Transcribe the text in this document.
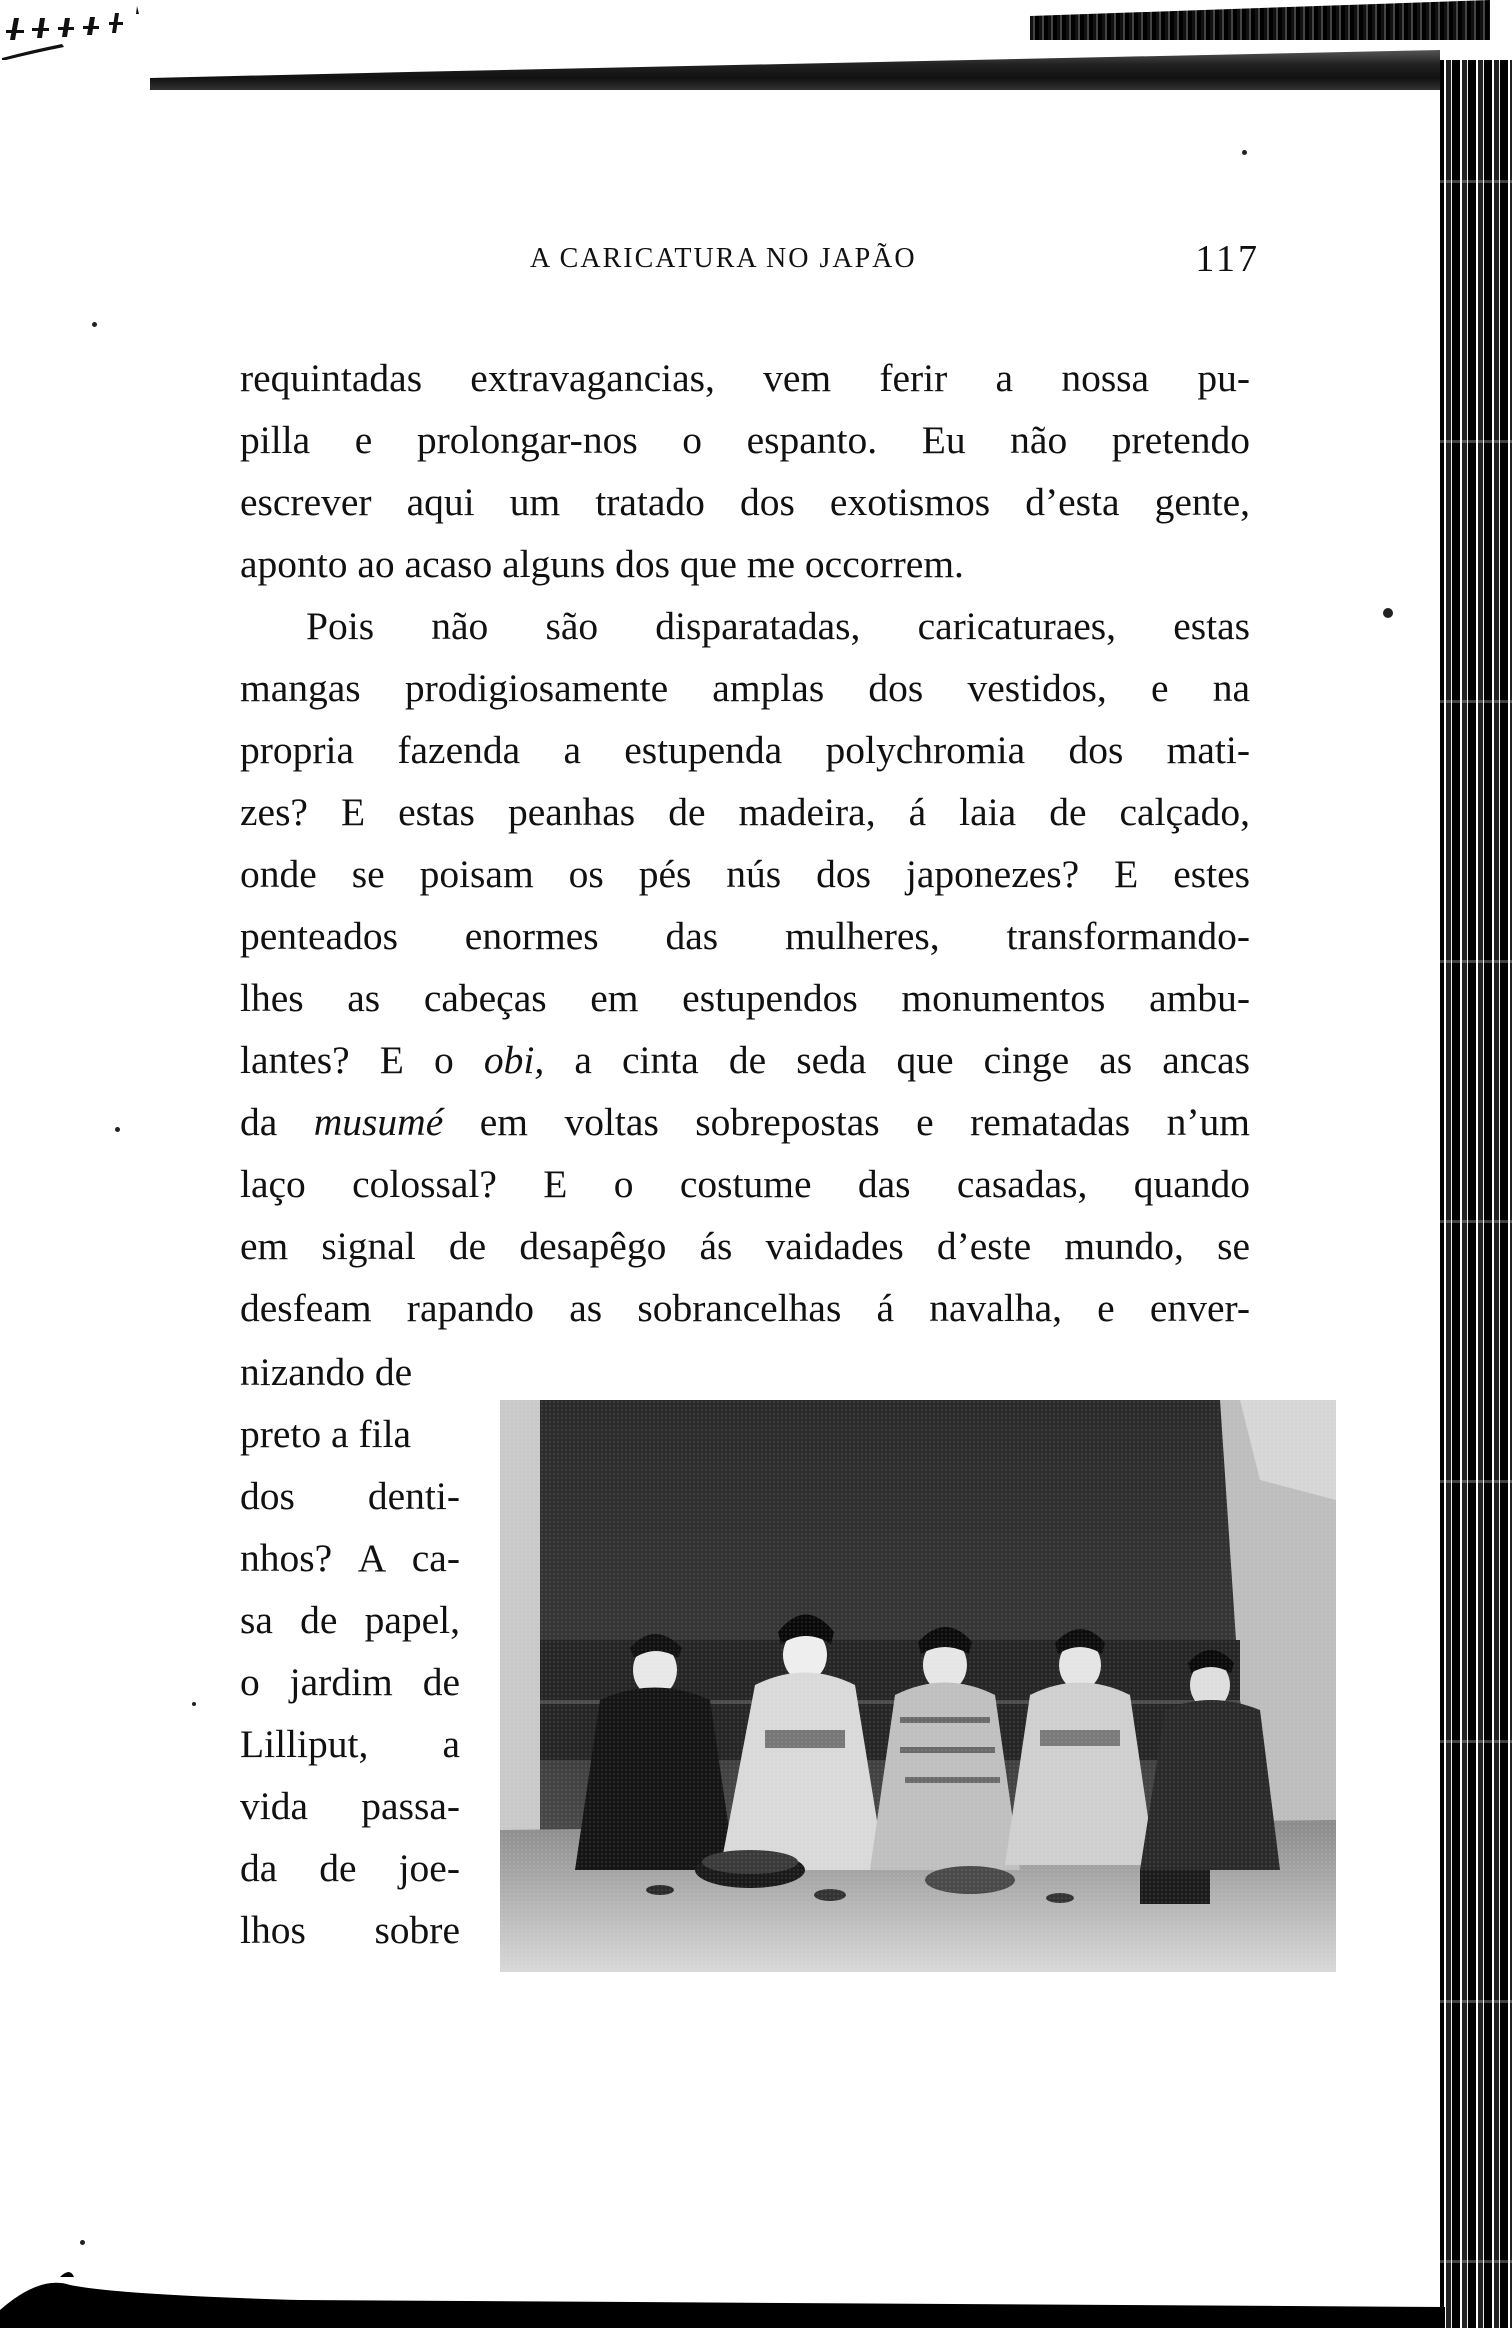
A CARICATURA NO JAPÃO	117
requintadas extravagancias, vem ferir a nossa pu-
pilla e prolongar-nos o espanto. Eu não pretendo
escrever aqui um tratado dos exotismos d’esta gente,
aponto ao acaso alguns dos que me occorrem.
Pois não são disparatadas, caricaturaes, estas
mangas prodigiosamente amplas dos vestidos, e na
propria fazenda a estupenda polychromia dos mati-
zes? E estas peanhas de madeira, á laia de calçado,
onde se poisam os pés nús dos japonezes? E estes
penteados enormes das mulheres, transformando-
lhes as cabeças em estupendos monumentos ambu-
lantes? E o obi, a cinta de seda que cinge as ancas
da musumé em voltas sobrepostas e rematadas n’um
laço colossal? E o costume das casadas, quando
em signal de desapêgo ás vaidades d’este mundo, se
desfeam rapando as sobrancelhas á navalha, e enver-
nizando de
preto a fila
dos denti-
nhos? A ca-
sa de papel,
o jardim de
Lilliput, a
vida passa-
da de joe-
lhos sobre
